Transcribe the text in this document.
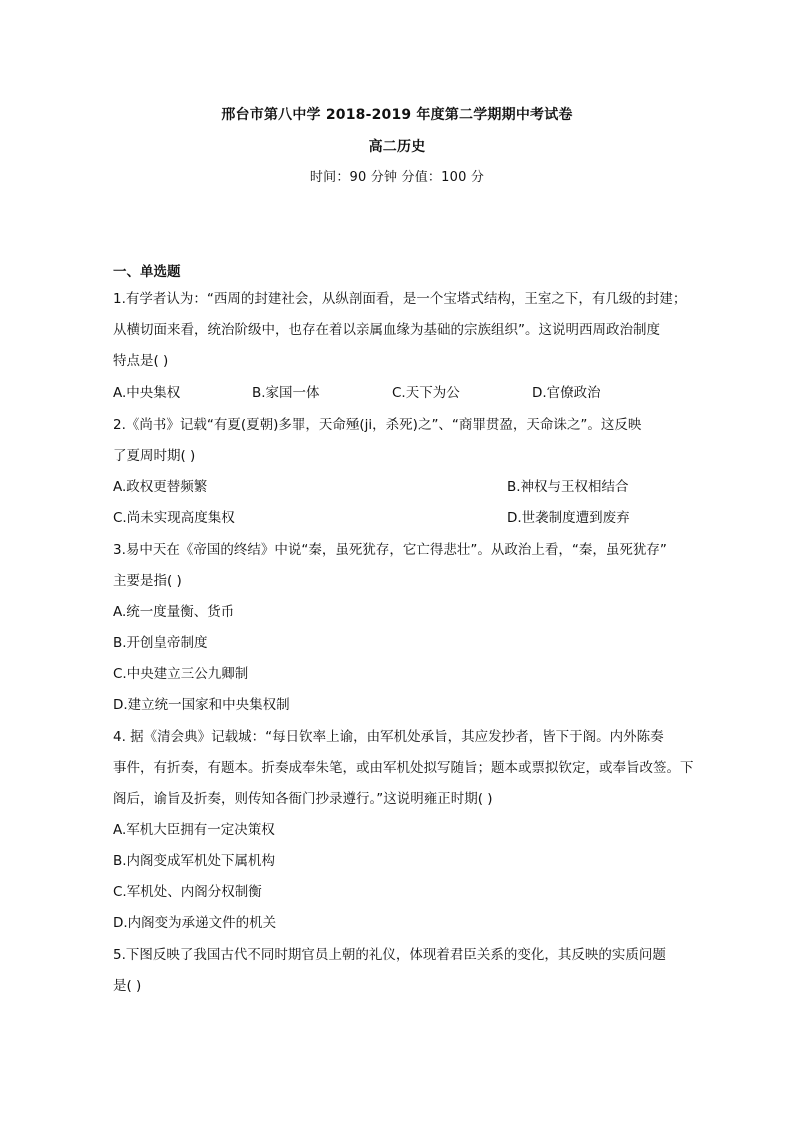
邢台市第八中学 2018-2019 年度第二学期期中考试卷
高二历史
时间：90 分钟 分值：100 分
一、单选题
1.有学者认为：“西周的封建社会，从纵剖面看，是一个宝塔式结构，王室之下，有几级的封建；
从横切面来看，统治阶级中，也存在着以亲属血缘为基础的宗族组织”。这说明西周政治制度
特点是( )
A.中央集权	B.家国一体	C.天下为公	D.官僚政治
2.《尚书》记载“有夏(夏朝)多罪，天命殛(ji，杀死)之”、“商罪贯盈，天命诛之”。这反映
了夏周时期( )
A.政权更替频繁	B.神权与王权相结合
C.尚未实现高度集权	D.世袭制度遭到废弃
3.易中天在《帝国的终结》中说“秦，虽死犹存，它亡得悲壮”。从政治上看，“秦，虽死犹存”
主要是指( )
A.统一度量衡、货币
B.开创皇帝制度
C.中央建立三公九卿制
D.建立统一国家和中央集权制
4. 据《清会典》记载城：“每日钦率上谕，由军机处承旨，其应发抄者，皆下于阁。内外陈奏
事件，有折奏，有题本。折奏成奉朱笔，或由军机处拟写随旨；题本或票拟钦定，或奉旨改签。下
阁后，谕旨及折奏，则传知各衙门抄录遵行。”这说明雍正时期( )
A.军机大臣拥有一定决策权
B.内阁变成军机处下属机构
C.军机处、内阁分权制衡
D.内阁变为承递文件的机关
5.下图反映了我国古代不同时期官员上朝的礼仪，体现着君臣关系的变化，其反映的实质问题
是( )
